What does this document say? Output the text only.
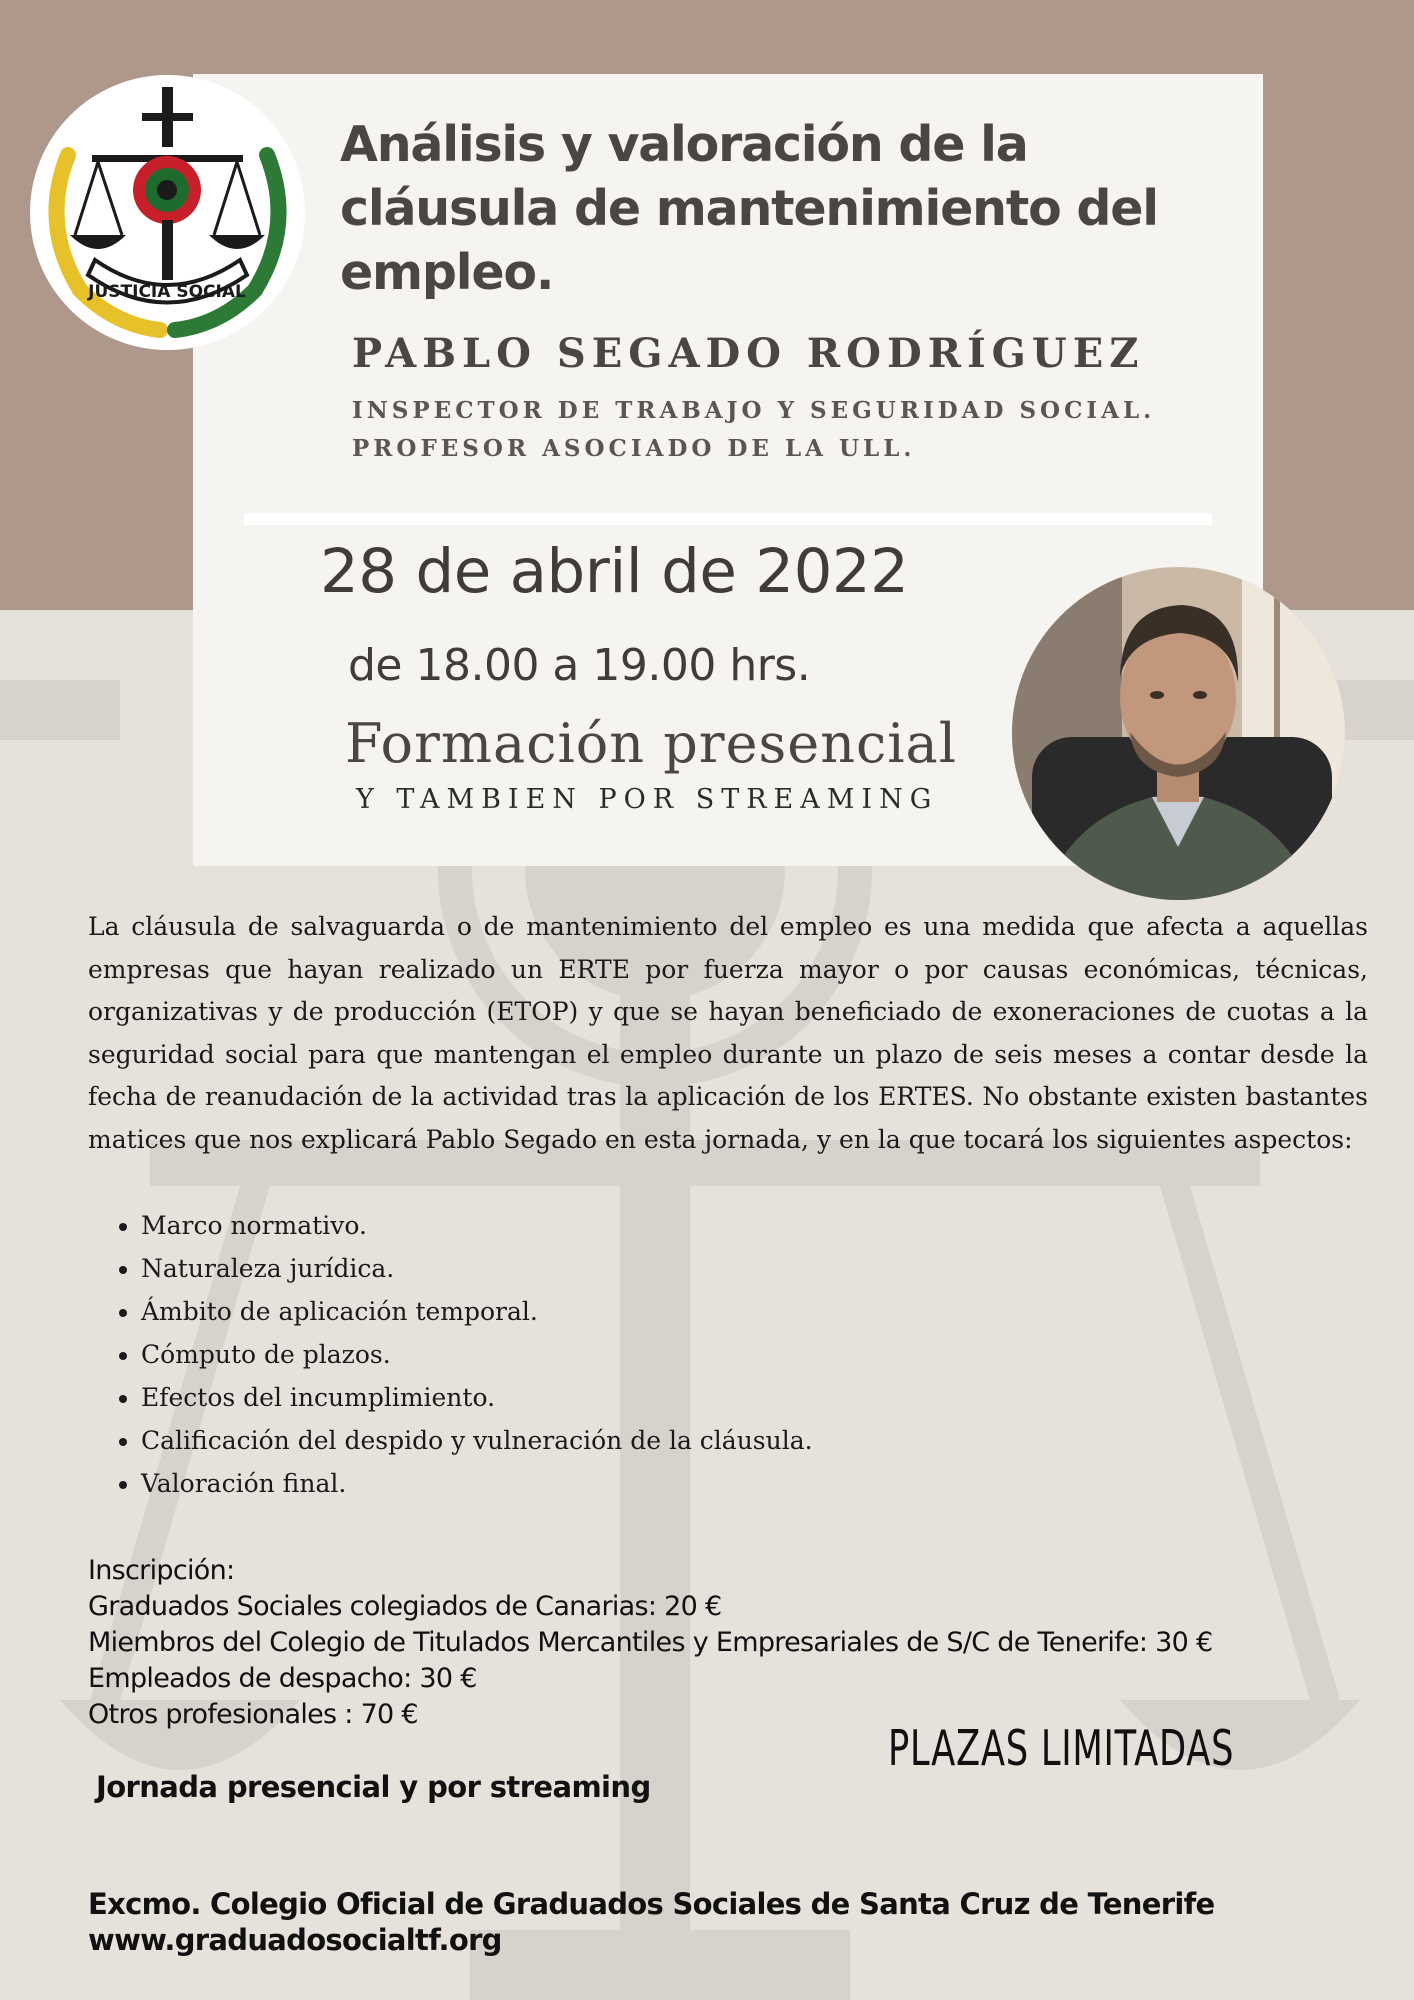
JUSTICIA SOCIAL
Análisis y valoración de la cláusula de mantenimiento del empleo.

PABLO SEGADO RODRÍGUEZ

INSPECTOR DE TRABAJO Y SEGURIDAD SOCIAL.
PROFESOR ASOCIADO DE LA ULL.

28 de abril de 2022

de 18.00 a 19.00 hrs.

Formación presencial

Y TAMBIEN POR STREAMING

La cláusula de salvaguarda o de mantenimiento del empleo es una medida que afecta a aquellas empresas que hayan realizado un ERTE por fuerza mayor o por causas económicas, técnicas, organizativas y de producción (ETOP) y que se hayan beneficiado de exoneraciones de cuotas a la seguridad social para que mantengan el empleo durante un plazo de seis meses a contar desde la fecha de reanudación de la actividad tras la aplicación de los ERTES. No obstante existen bastantes matices que nos explicará Pablo Segado en esta jornada, y en la que tocará los siguientes aspectos:

• Marco normativo.
• Naturaleza jurídica.
• Ámbito de aplicación temporal.
• Cómputo de plazos.
• Efectos del incumplimiento.
• Calificación del despido y vulneración de la cláusula.
• Valoración final.
Inscripción:
Graduados Sociales colegiados de Canarias: 20 €
Miembros del Colegio de Titulados Mercantiles y Empresariales de S/C de Tenerife: 30 €
Empleados de despacho: 30 €
Otros profesionales : 70 €

PLAZAS LIMITADAS

Jornada presencial y por streaming

Excmo. Colegio Oficial de Graduados Sociales de Santa Cruz de Tenerife
www.graduadosocialtf.org
